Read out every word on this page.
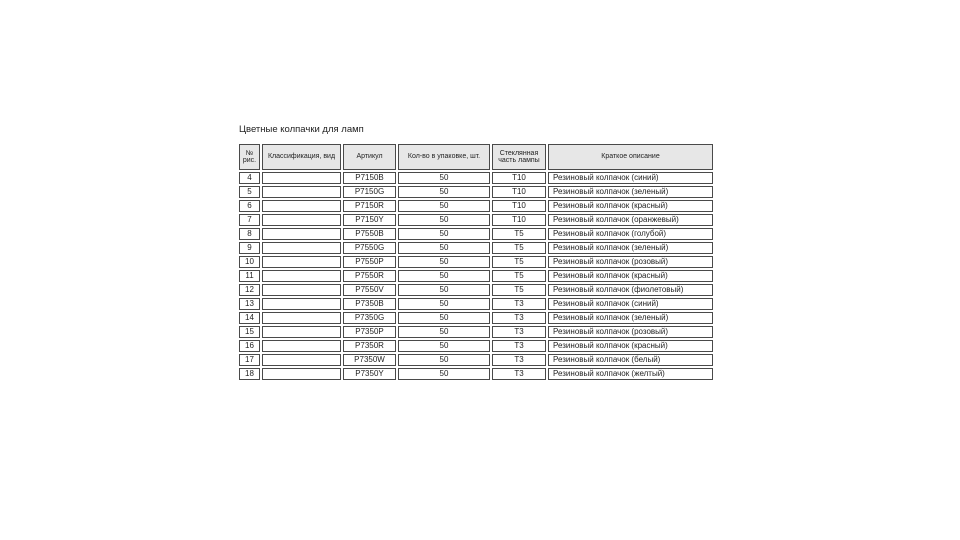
Цветные колпачки для ламп
№ рис.	Классификация, вид	Артикул	Кол-во в упаковке, шт.	Стеклянная часть лампы	Краткое описание
4		P7150B	50	T10	Резиновый колпачок (синий)
5		P7150G	50	T10	Резиновый колпачок (зеленый)
6		P7150R	50	T10	Резиновый колпачок (красный)
7		P7150Y	50	T10	Резиновый колпачок (оранжевый)
8		P7550B	50	T5	Резиновый колпачок (голубой)
9		P7550G	50	T5	Резиновый колпачок (зеленый)
10		P7550P	50	T5	Резиновый колпачок (розовый)
11		P7550R	50	T5	Резиновый колпачок (красный)
12		P7550V	50	T5	Резиновый колпачок (фиолетовый)
13		P7350B	50	T3	Резиновый колпачок (синий)
14		P7350G	50	T3	Резиновый колпачок (зеленый)
15		P7350P	50	T3	Резиновый колпачок (розовый)
16		P7350R	50	T3	Резиновый колпачок (красный)
17		P7350W	50	T3	Резиновый колпачок (белый)
18		P7350Y	50	T3	Резиновый колпачок (желтый)
